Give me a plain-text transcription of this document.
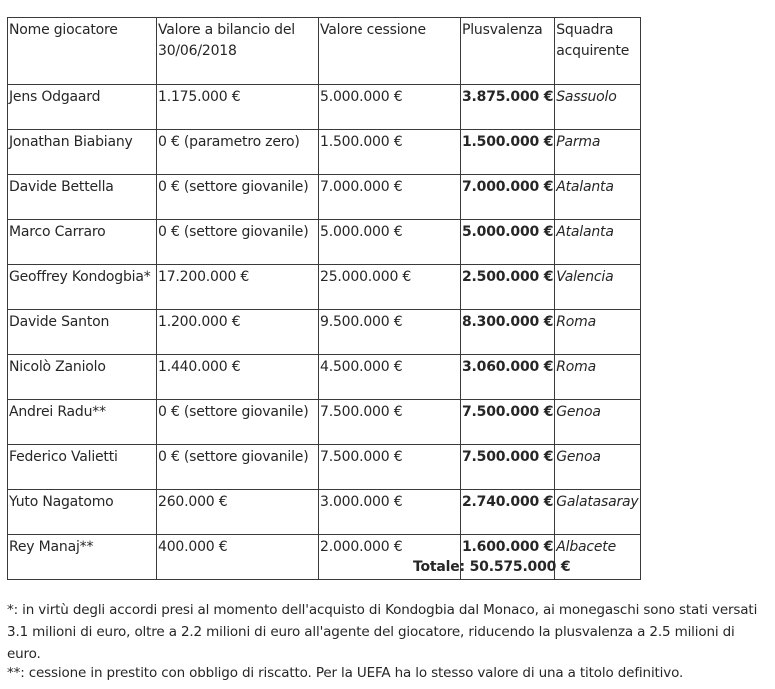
Nome giocatore	Valore a bilancio del 30/06/2018	Valore cessione	Plusvalenza	Squadra acquirente
Jens Odgaard	1.175.000 €	5.000.000 €	3.875.000 €	Sassuolo
Jonathan Biabiany	0 € (parametro zero)	1.500.000 €	1.500.000 €	Parma
Davide Bettella	0 € (settore giovanile)	7.000.000 €	7.000.000 €	Atalanta
Marco Carraro	0 € (settore giovanile)	5.000.000 €	5.000.000 €	Atalanta
Geoffrey Kondogbia*	17.200.000 €	25.000.000 €	2.500.000 €	Valencia
Davide Santon	1.200.000 €	9.500.000 €	8.300.000 €	Roma
Nicolò Zaniolo	1.440.000 €	4.500.000 €	3.060.000 €	Roma
Andrei Radu**	0 € (settore giovanile)	7.500.000 €	7.500.000 €	Genoa
Federico Valietti	0 € (settore giovanile)	7.500.000 €	7.500.000 €	Genoa
Yuto Nagatomo	260.000 €	3.000.000 €	2.740.000 €	Galatasaray
Rey Manaj**	400.000 €	2.000.000 €	1.600.000 €	Albacete
Totale: 50.575.000 €

*: in virtù degli accordi presi al momento dell'acquisto di Kondogbia dal Monaco, ai monegaschi sono stati versati 3.1 milioni di euro, oltre a 2.2 milioni di euro all'agente del giocatore, riducendo la plusvalenza a 2.5 milioni di euro.

**: cessione in prestito con obbligo di riscatto. Per la UEFA ha lo stesso valore di una a titolo definitivo.
